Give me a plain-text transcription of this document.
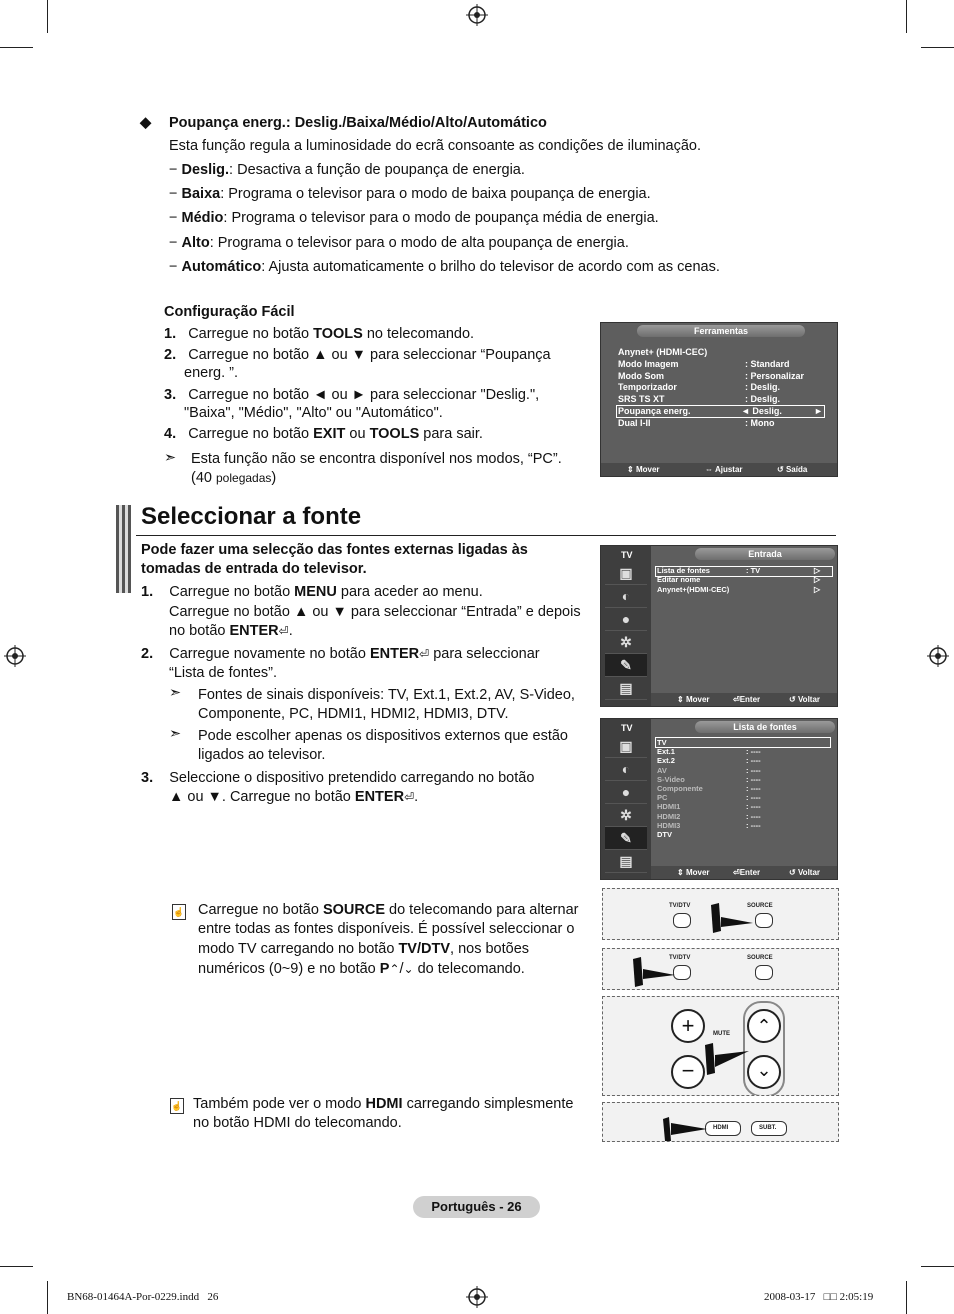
◆ Poupança energ.: Deslig./Baixa/Médio/Alto/Automático
Esta função regula a luminosidade do ecrã consoante as condições de iluminação.
− Deslig.: Desactiva a função de poupança de energia.
− Baixa: Programa o televisor para o modo de baixa poupança de energia.
− Médio: Programa o televisor para o modo de poupança média de energia.
− Alto: Programa o televisor para o modo de alta poupança de energia.
− Automático: Ajusta automaticamente o brilho do televisor de acordo com as cenas.
Configuração Fácil
1. Carregue no botão TOOLS no telecomando.
2. Carregue no botão ▲ ou ▼ para seleccionar “Poupança
energ. ”.
3. Carregue no botão ◄ ou ► para seleccionar "Deslig.",
"Baixa", "Médio", "Alto" ou "Automático".
4. Carregue no botão EXIT ou TOOLS para sair.
➣ Esta função não se encontra disponível nos modos, “PC”.
(40 polegadas)
Ferramentas
Anynet+ (HDMI-CEC)
Modo Imagem	: Standard
Modo Som	: Personalizar
Temporizador	: Deslig.
SRS TS XT	: Deslig.
Poupança energ.	◄ Deslig.	►
Dual I-II	: Mono
⇕ Mover	⇔ Ajustar	↺ Saída
Seleccionar a fonte
Pode fazer uma selecção das fontes externas ligadas às
tomadas de entrada do televisor.
1. Carregue no botão MENU para aceder ao menu.
Carregue no botão ▲ ou ▼ para seleccionar “Entrada” e depois
no botão ENTER⏎.
2. Carregue novamente no botão ENTER⏎ para seleccionar
“Lista de fontes”.
➣ Fontes de sinais disponíveis: TV, Ext.1, Ext.2, AV, S-Video,
Componente, PC, HDMI1, HDMI2, HDMI3, DTV.
➣ Pode escolher apenas os dispositivos externos que estão
ligados ao televisor.
3. Seleccione o dispositivo pretendido carregando no botão
▲ ou ▼. Carregue no botão ENTER⏎.
TV
▣
◐
●
✲
✎
▤
Entrada
Lista de fontes	: TV	▷
Editar nome	▷
Anynet+(HDMI-CEC)	▷
⇕ Mover	⏎Enter	↺ Voltar
TV
▣
◐
●
✲
✎
▤
Lista de fontes
TV
Ext.1	: ----
Ext.2	: ----
AV	: ----
S-Video	: ----
Componente	: ----
PC	: ----
HDMI1	: ----
HDMI2	: ----
HDMI3	: ----
DTV
⇕ Mover	⏎Enter	↺ Voltar
☝ Carregue no botão SOURCE do telecomando para alternar
entre todas as fontes disponíveis. É possível seleccionar o
modo TV carregando no botão TV/DTV, nos botões
numéricos (0~9) e no botão P⌃/⌄ do telecomando.
☝ Também pode ver o modo HDMI carregando simplesmente
no botão HDMI do telecomando.
TV/DTV	SOURCE
TV/DTV	SOURCE
+
−
MUTE	⌃
⌄
HDMI	SUBT.
Português - 26
BN68-01464A-Por-0229.indd   26	2008-03-17   □□ 2:05:19
